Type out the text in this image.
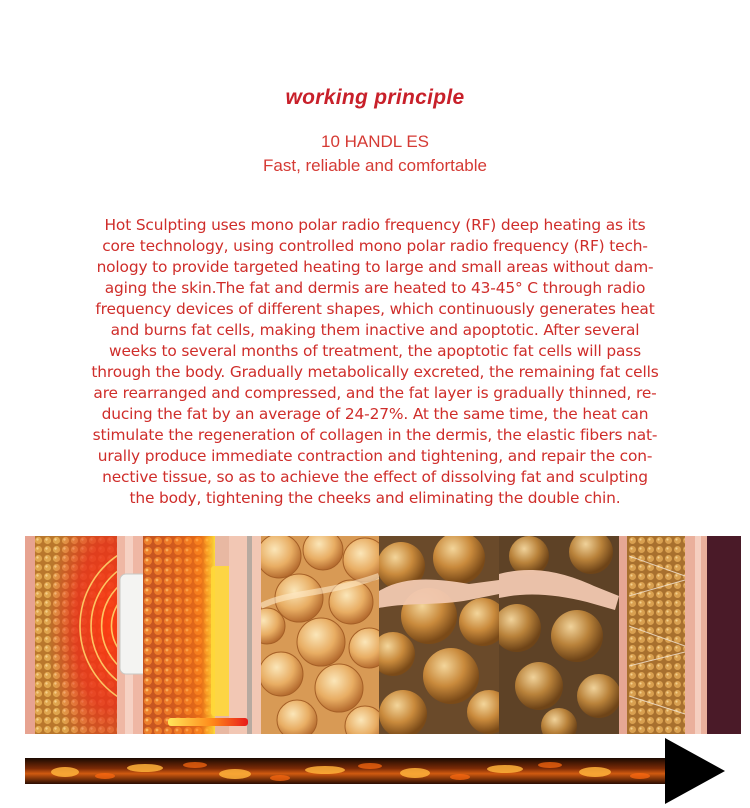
working principle
10 HANDL ES
Fast, reliable and comfortable
Hot Sculpting uses mono polar radio frequency (RF) deep heating as its
core technology, using controlled mono polar radio frequency (RF) tech-
nology to provide targeted heating to large and small areas without dam-
aging the skin.The fat and dermis are heated to 43-45° C through radio
frequency devices of different shapes, which continuously generates heat
and burns fat cells, making them inactive and apoptotic. After several
weeks to several months of treatment, the apoptotic fat cells will pass
through the body. Gradually metabolically excreted, the remaining fat cells
are rearranged and compressed, and the fat layer is gradually thinned, re-
ducing the fat by an average of 24-27%. At the same time, the heat can
stimulate the regeneration of collagen in the dermis, the elastic fibers nat-
urally produce immediate contraction and tightening, and repair the con-
nective tissue, so as to achieve the effect of dissolving fat and sculpting
the body, tightening the cheeks and eliminating the double chin.
